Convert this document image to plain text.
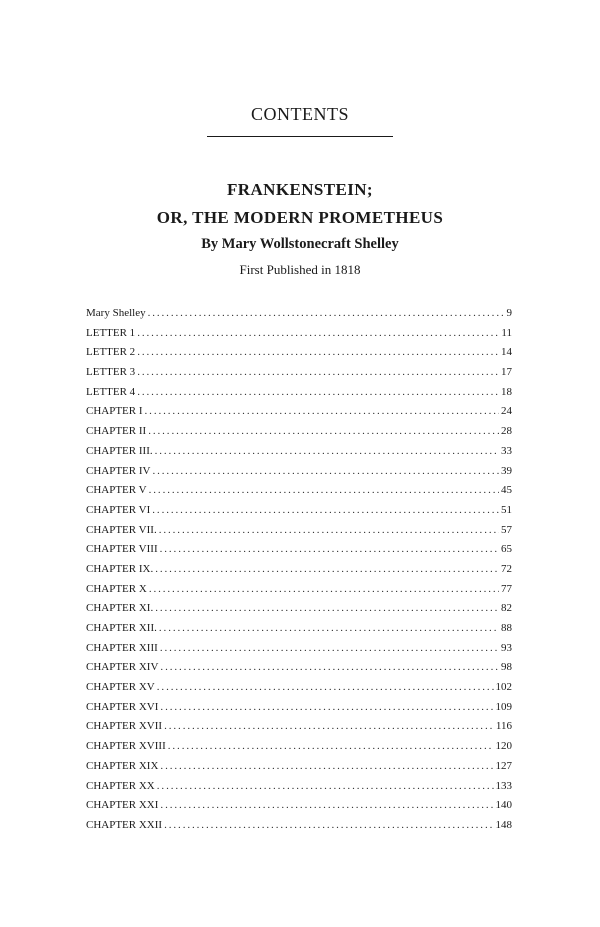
CONTENTS
FRANKENSTEIN;
OR, THE MODERN PROMETHEUS
By Mary Wollstonecraft Shelley
First Published in 1818
Mary Shelley .....	9
LETTER 1 .....	11
LETTER 2 .....	14
LETTER 3 .....	17
LETTER 4 .....	18
CHAPTER I .....	24
CHAPTER II .....	28
CHAPTER III. .....	33
CHAPTER IV .....	39
CHAPTER V .....	45
CHAPTER VI .....	51
CHAPTER VII. .....	57
CHAPTER VIII .....	65
CHAPTER IX. .....	72
CHAPTER X .....	77
CHAPTER XI. .....	82
CHAPTER XII. .....	88
CHAPTER XIII .....	93
CHAPTER XIV .....	98
CHAPTER XV .....	102
CHAPTER XVI .....	109
CHAPTER XVII .....	116
CHAPTER XVIII .....	120
CHAPTER XIX .....	127
CHAPTER XX .....	133
CHAPTER XXI .....	140
CHAPTER XXII .....	148
